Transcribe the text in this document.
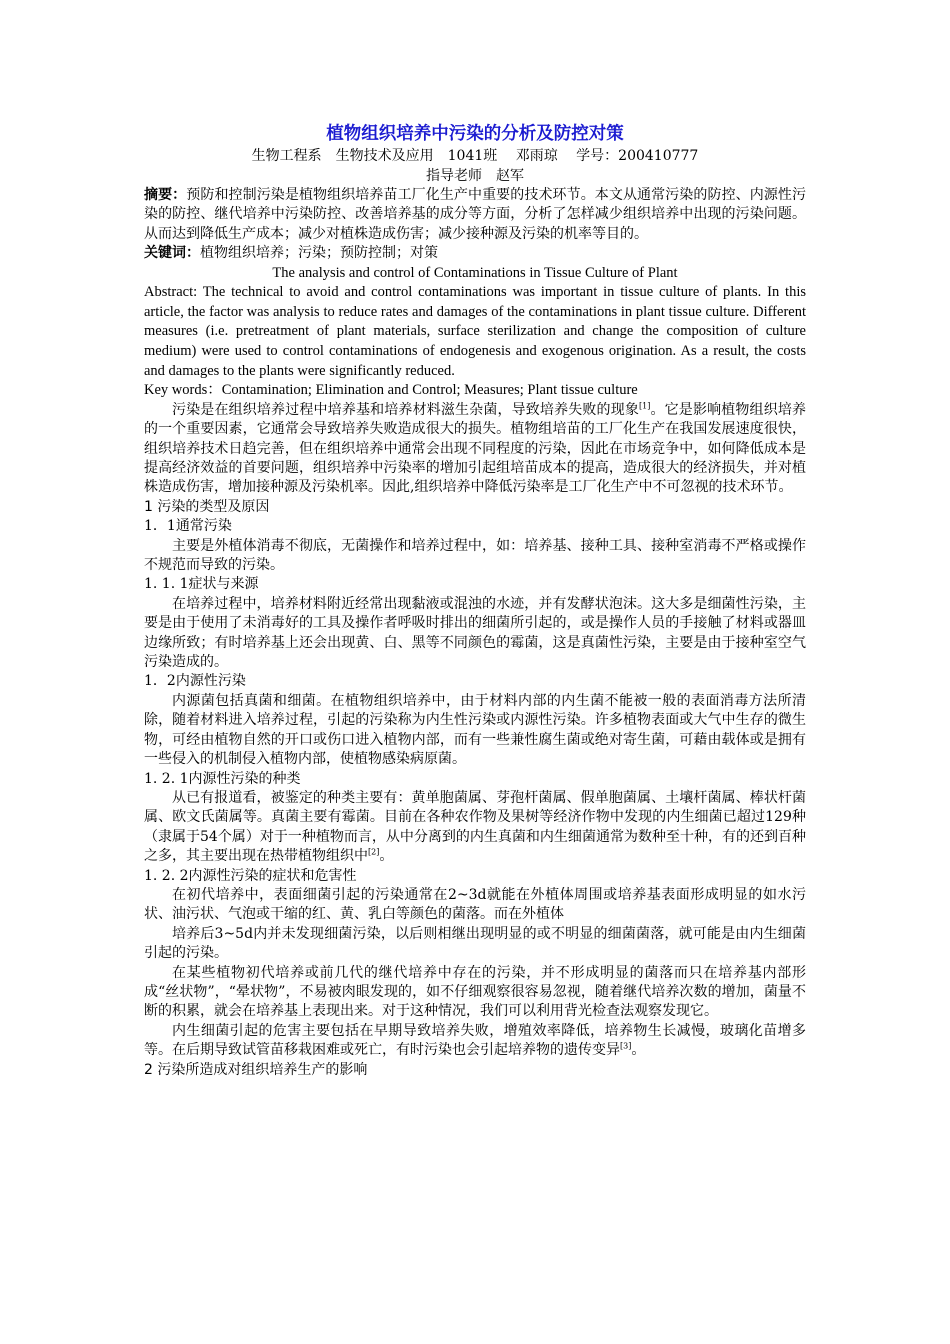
植物组织培养中污染的分析及防控对策

生物工程系　生物技术及应用　1041班　 邓雨琼　 学号：200410777

指导老师　赵军

摘要：预防和控制污染是植物组织培养苗工厂化生产中重要的技术环节。本文从通常污染的防控、内源性污染的防控、继代培养中污染防控、改善培养基的成分等方面，分析了怎样减少组织培养中出现的污染问题。从而达到降低生产成本；减少对植株造成伤害；减少接种源及污染的机率等目的。

关键词：植物组织培养；污染；预防控制；对策

The analysis and control of Contaminations in Tissue Culture of Plant

Abstract: The technical to avoid and control contaminations was important in tissue culture of plants. In this article, the factor was analysis to reduce rates and damages of the contaminations in plant tissue culture. Different measures (i.e. pretreatment of plant materials, surface sterilization and change the composition of culture medium) were used to control contaminations of endogenesis and exogenous origination. As a result, the costs and damages to the plants were significantly reduced.

Key words：Contamination; Elimination and Control; Measures; Plant tissue culture

污染是在组织培养过程中培养基和培养材料滋生杂菌，导致培养失败的现象[1]。它是影响植物组织培养的一个重要因素，它通常会导致培养失败造成很大的损失。植物组培苗的工厂化生产在我国发展速度很快，组织培养技术日趋完善，但在组织培养中通常会出现不同程度的污染，因此在市场竞争中，如何降低成本是提高经济效益的首要问题，组织培养中污染率的增加引起组培苗成本的提高，造成很大的经济损失，并对植株造成伤害，增加接种源及污染机率。因此,组织培养中降低污染率是工厂化生产中不可忽视的技术环节。

1 污染的类型及原因

1．1通常污染

主要是外植体消毒不彻底，无菌操作和培养过程中，如：培养基、接种工具、接种室消毒不严格或操作不规范而导致的污染。

1. 1. 1症状与来源

在培养过程中，培养材料附近经常出现黏液或混浊的水迹，并有发酵状泡沫。这大多是细菌性污染，主要是由于使用了未消毒好的工具及操作者呼吸时排出的细菌所引起的，或是操作人员的手接触了材料或器皿边缘所致；有时培养基上还会出现黄、白、黑等不同颜色的霉菌，这是真菌性污染，主要是由于接种室空气污染造成的。

1．2内源性污染

内源菌包括真菌和细菌。在植物组织培养中，由于材料内部的内生菌不能被一般的表面消毒方法所清除，随着材料进入培养过程，引起的污染称为内生性污染或内源性污染。许多植物表面或大气中生存的微生物，可经由植物自然的开口或伤口进入植物内部，而有一些兼性腐生菌或绝对寄生菌，可藉由载体或是拥有一些侵入的机制侵入植物内部，使植物感染病原菌。

1. 2. 1内源性污染的种类

从已有报道看，被鉴定的种类主要有：黄单胞菌属、芽孢杆菌属、假单胞菌属、土壤杆菌属、棒状杆菌属、欧文氏菌属等。真菌主要有霉菌。目前在各种农作物及果树等经济作物中发现的内生细菌已超过129种（隶属于54个属）对于一种植物而言，从中分离到的内生真菌和内生细菌通常为数种至十种，有的还到百种之多，其主要出现在热带植物组织中[2]。

1. 2. 2内源性污染的症状和危害性

在初代培养中，表面细菌引起的污染通常在2~3d就能在外植体周围或培养基表面形成明显的如水污状、油污状、气泡或干缩的红、黄、乳白等颜色的菌落。而在外植体

培养后3~5d内并未发现细菌污染，以后则相继出现明显的或不明显的细菌菌落，就可能是由内生细菌引起的污染。

在某些植物初代培养或前几代的继代培养中存在的污染，并不形成明显的菌落而只在培养基内部形成“丝状物”，“晕状物”，不易被肉眼发现的，如不仔细观察很容易忽视，随着继代培养次数的增加，菌量不断的积累，就会在培养基上表现出来。对于这种情况，我们可以利用背光检查法观察发现它。

内生细菌引起的危害主要包括在早期导致培养失败，增殖效率降低，培养物生长减慢，玻璃化苗增多等。在后期导致试管苗移栽困难或死亡，有时污染也会引起培养物的遗传变异[3]。

2 污染所造成对组织培养生产的影响
